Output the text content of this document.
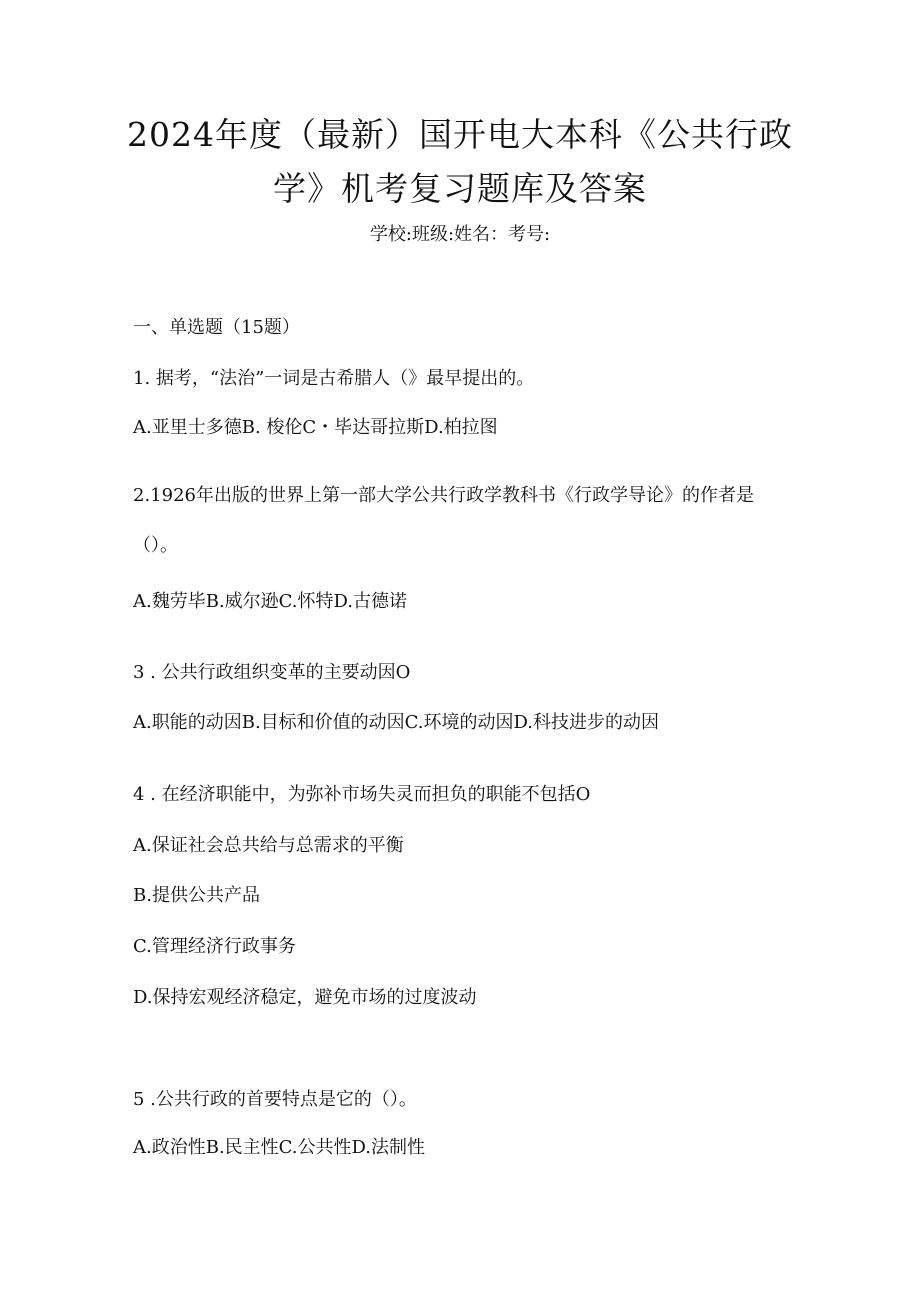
2024年度（最新）国开电大本科《公共行政学》机考复习题库及答案
学校:班级:姓名：考号:
一、单选题（15题）
1. 据考，“法治”一词是古希腊人（》最早提出的。
A.亚里士多德B. 梭伦C・毕达哥拉斯D.柏拉图
2.1926年出版的世界上第一部大学公共行政学教科书《行政学导论》的作者是（）。
A.魏劳毕B.威尔逊C.怀特D.古德诺
3 . 公共行政组织变革的主要动因O
A.职能的动因B.目标和价值的动因C.环境的动因D.科技进步的动因
4 . 在经济职能中，为弥补市场失灵而担负的职能不包括O
A.保证社会总共给与总需求的平衡
B.提供公共产品
C.管理经济行政事务
D.保持宏观经济稳定，避免市场的过度波动
5 .公共行政的首要特点是它的（）。
A.政治性B.民主性C.公共性D.法制性
